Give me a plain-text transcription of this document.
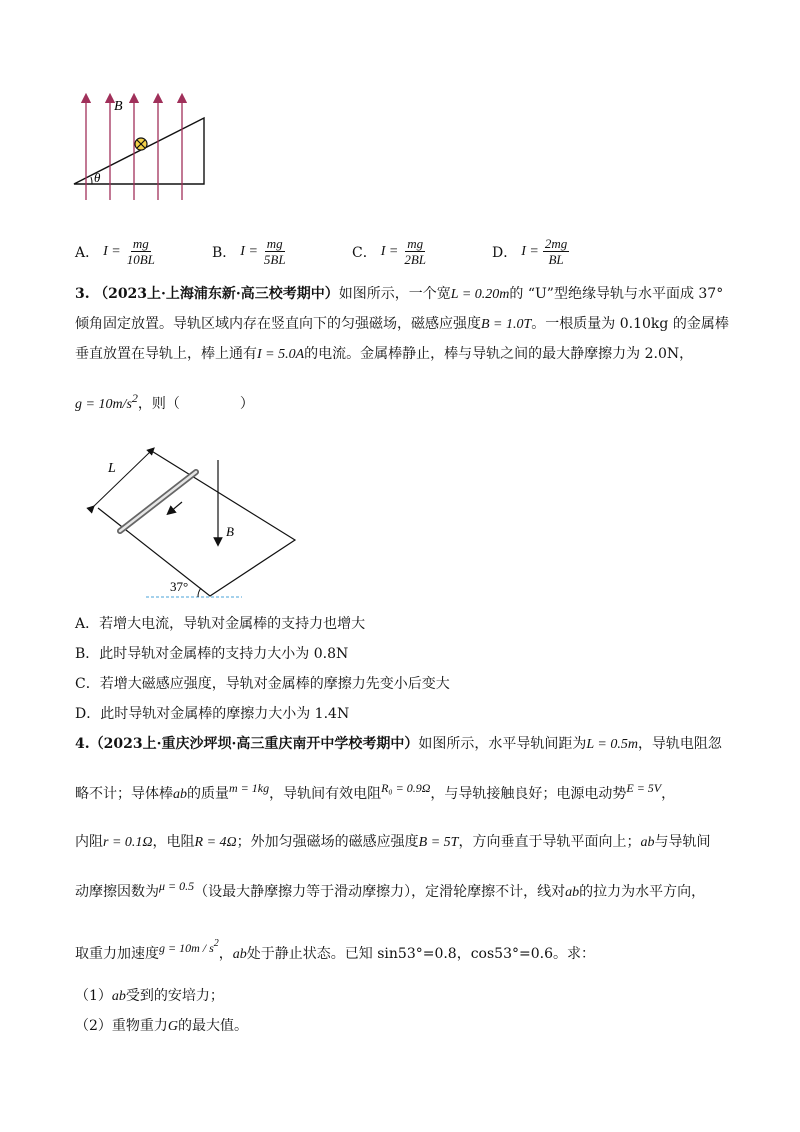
B
θ
A． $I = \frac{mg}{10BL}$	B． $I = \frac{mg}{5BL}$	C． $I = \frac{mg}{2BL}$	D． $I = \frac{2mg}{BL}$
3. （2023上·上海浦东新·高三校考期中）如图所示，一个宽L = 0.20m的 “U”型绝缘导轨与水平面成 37°
倾角固定放置。导轨区域内存在竖直向下的匀强磁场，磁感应强度B = 1.0T。一根质量为 0.10kg 的金属棒
垂直放置在导轨上，棒上通有I = 5.0A的电流。金属棒静止，棒与导轨之间的最大静摩擦力为 2.0N，
g = 10m/s2，则（	）
L
B
37°
A．若增大电流，导轨对金属棒的支持力也增大
B．此时导轨对金属棒的支持力大小为 0.8N
C．若增大磁感应强度，导轨对金属棒的摩擦力先变小后变大
D．此时导轨对金属棒的摩擦力大小为 1.4N
4.（2023上·重庆沙坪坝·高三重庆南开中学校考期中）如图所示，水平导轨间距为L = 0.5m，导轨电阻忽
略不计；导体棒ab的质量m = 1kg，导轨间有效电阻R₀ = 0.9Ω，与导轨接触良好；电源电动势E = 5V，
内阻r = 0.1Ω，电阻R = 4Ω；外加匀强磁场的磁感应强度B = 5T，方向垂直于导轨平面向上；ab与导轨间
动摩擦因数为μ = 0.5（设最大静摩擦力等于滑动摩擦力），定滑轮摩擦不计，线对ab的拉力为水平方向，
取重力加速度$g = 10m / s^2$，ab处于静止状态。已知 sin53°=0.8，cos53°=0.6。求：
（1）ab受到的安培力；
（2）重物重力G的最大值。
